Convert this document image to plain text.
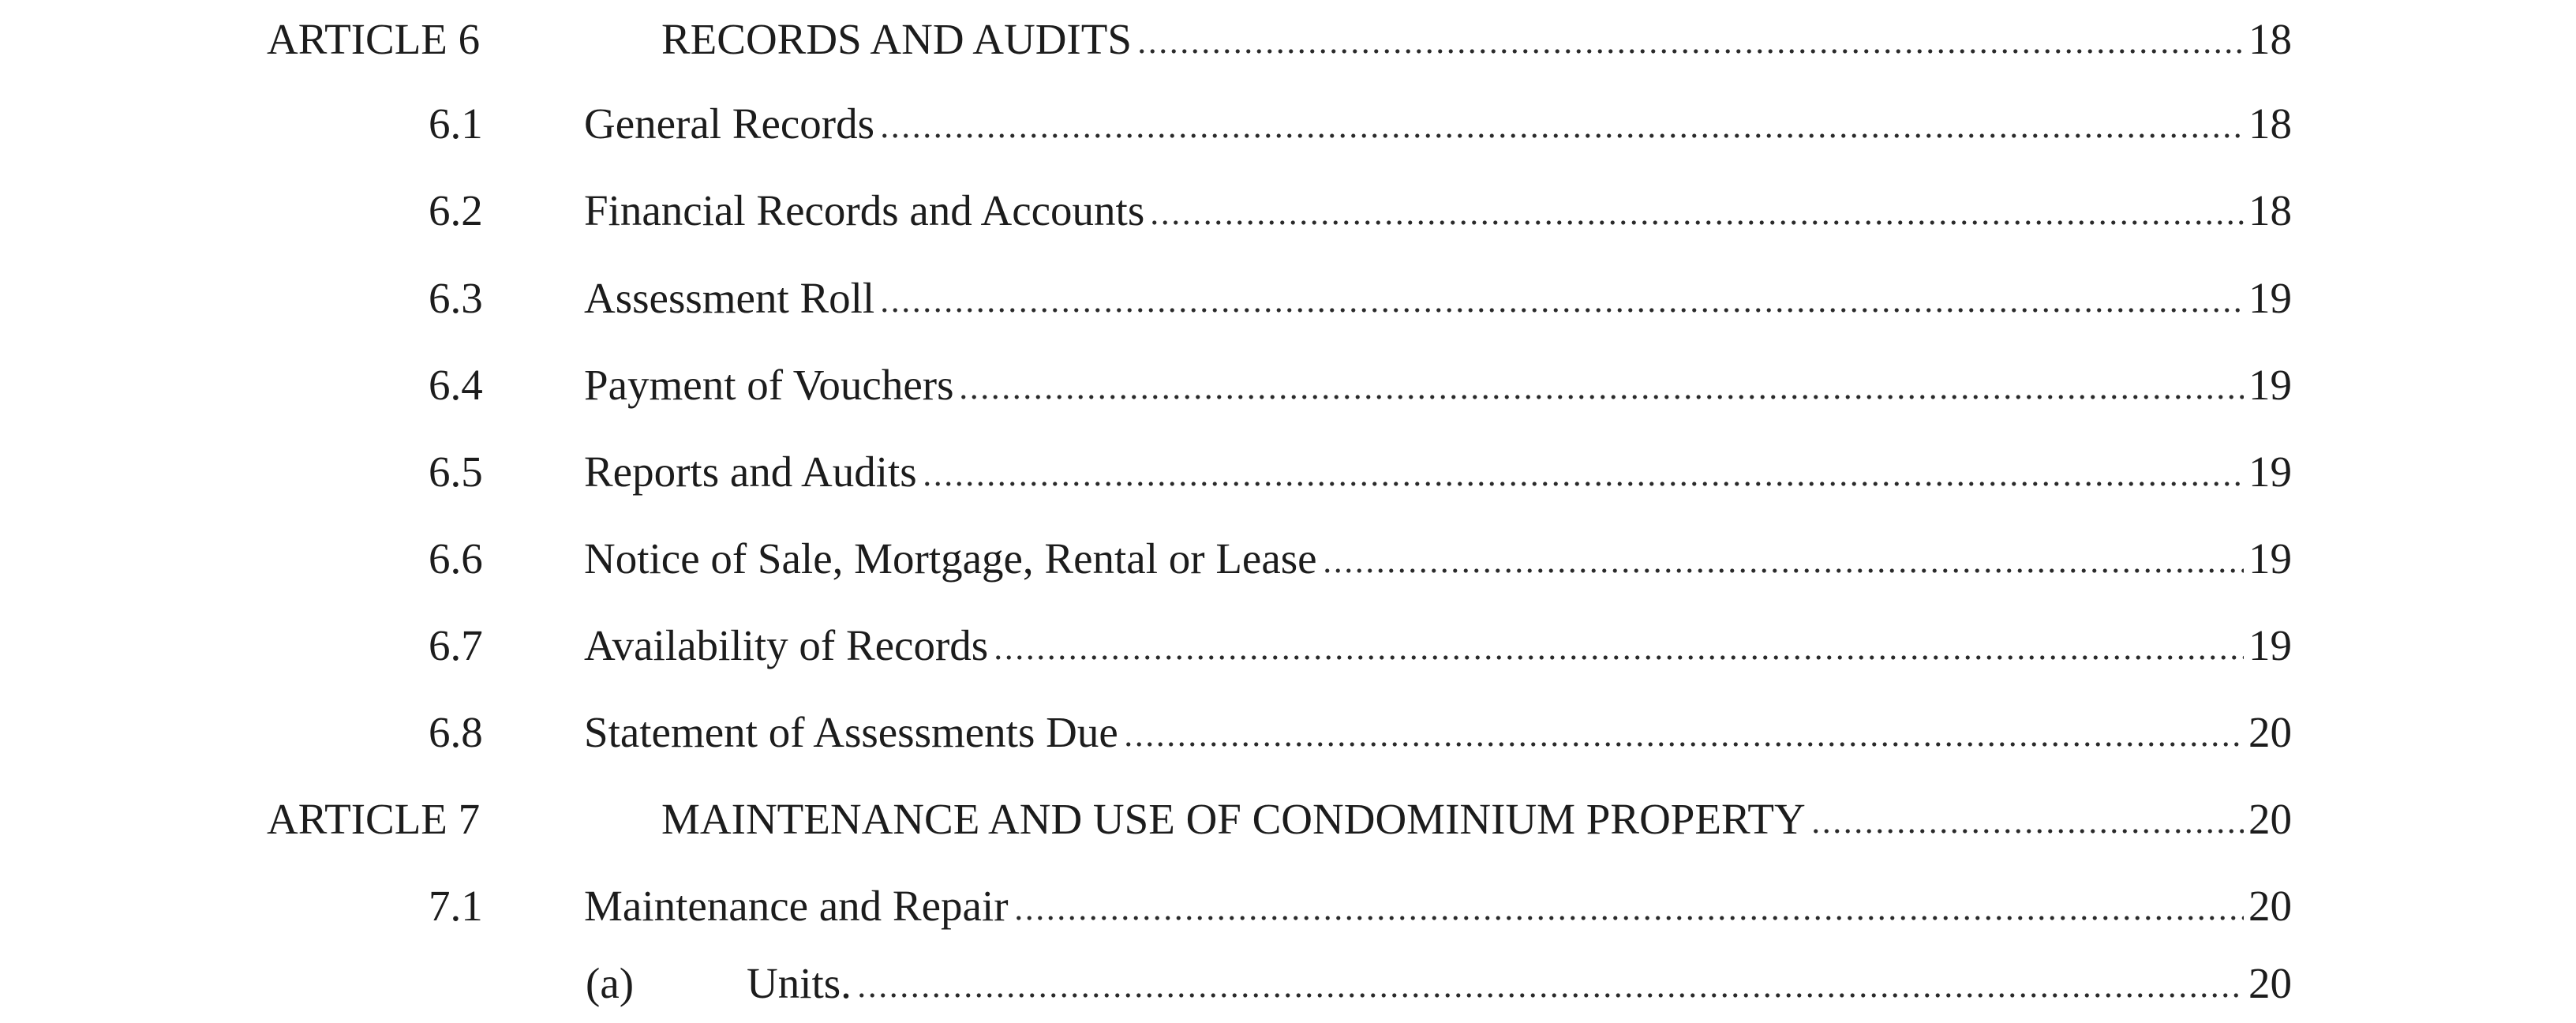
ARTICLE 6	RECORDS AND AUDITS	18
6.1 General Records	18
6.2 Financial Records and Accounts	18
6.3 Assessment Roll	19
6.4 Payment of Vouchers	19
6.5 Reports and Audits	19
6.6 Notice of Sale, Mortgage, Rental or Lease	19
6.7 Availability of Records	19
6.8 Statement of Assessments Due	20
ARTICLE 7	MAINTENANCE AND USE OF CONDOMINIUM PROPERTY	20
7.1 Maintenance and Repair	20
(a)	Units.	20
